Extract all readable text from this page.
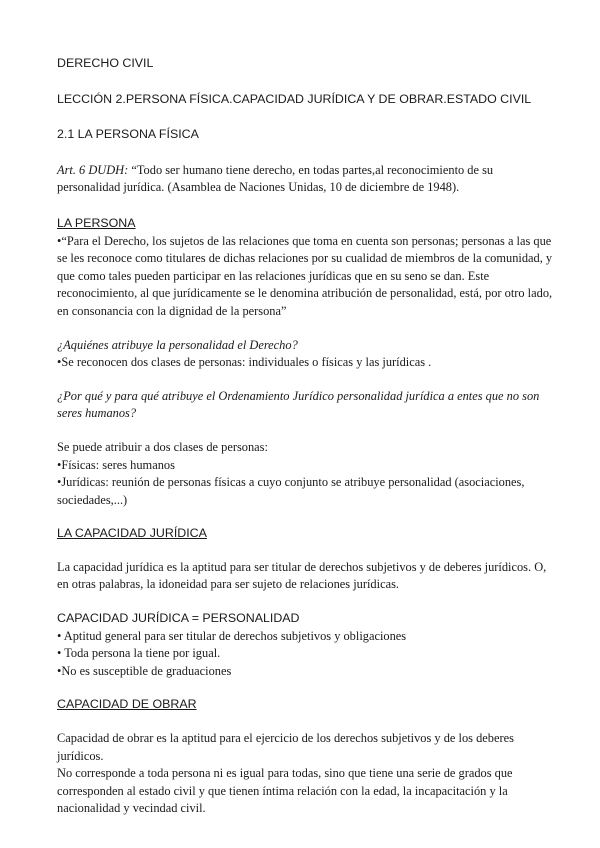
DERECHO CIVIL

LECCIÓN 2.PERSONA FÍSICA.CAPACIDAD JURÍDICA Y DE OBRAR.ESTADO CIVIL

2.1 LA PERSONA FÍSICA

Art. 6 DUDH: “Todo ser humano tiene derecho, en todas partes,al reconocimiento de su personalidad jurídica. (Asamblea de Naciones Unidas, 10 de diciembre de 1948).

LA PERSONA

•“Para el Derecho, los sujetos de las relaciones que toma en cuenta son personas; personas a las que se les reconoce como titulares de dichas relaciones por su cualidad de miembros de la comunidad, y que como tales pueden participar en las relaciones jurídicas que en su seno se dan. Este reconocimiento, al que jurídicamente se le denomina atribución de personalidad, está, por otro lado, en consonancia con la dignidad de la persona”

¿Aquiénes atribuye la personalidad el Derecho?

•Se reconocen dos clases de personas: individuales o físicas y las jurídicas .

¿Por qué y para qué atribuye el Ordenamiento Jurídico personalidad jurídica a entes que no son seres humanos?

Se puede atribuir a dos clases de personas:

•Físicas: seres humanos

•Jurídicas: reunión de personas físicas a cuyo conjunto se atribuye personalidad (asociaciones, sociedades,...)

LA CAPACIDAD JURÍDICA

La capacidad jurídica es la aptitud para ser titular de derechos subjetivos y de deberes jurídicos. O, en otras palabras, la idoneidad para ser sujeto de relaciones jurídicas.

CAPACIDAD JURÍDICA = PERSONALIDAD

• Aptitud general para ser titular de derechos subjetivos y obligaciones

• Toda persona la tiene por igual.

•No es susceptible de graduaciones

CAPACIDAD DE OBRAR

Capacidad de obrar es la aptitud para el ejercicio de los derechos subjetivos y de los deberes jurídicos.

No corresponde a toda persona ni es igual para todas, sino que tiene una serie de grados que corresponden al estado civil y que tienen íntima relación con la edad, la incapacitación y la nacionalidad y vecindad civil.
